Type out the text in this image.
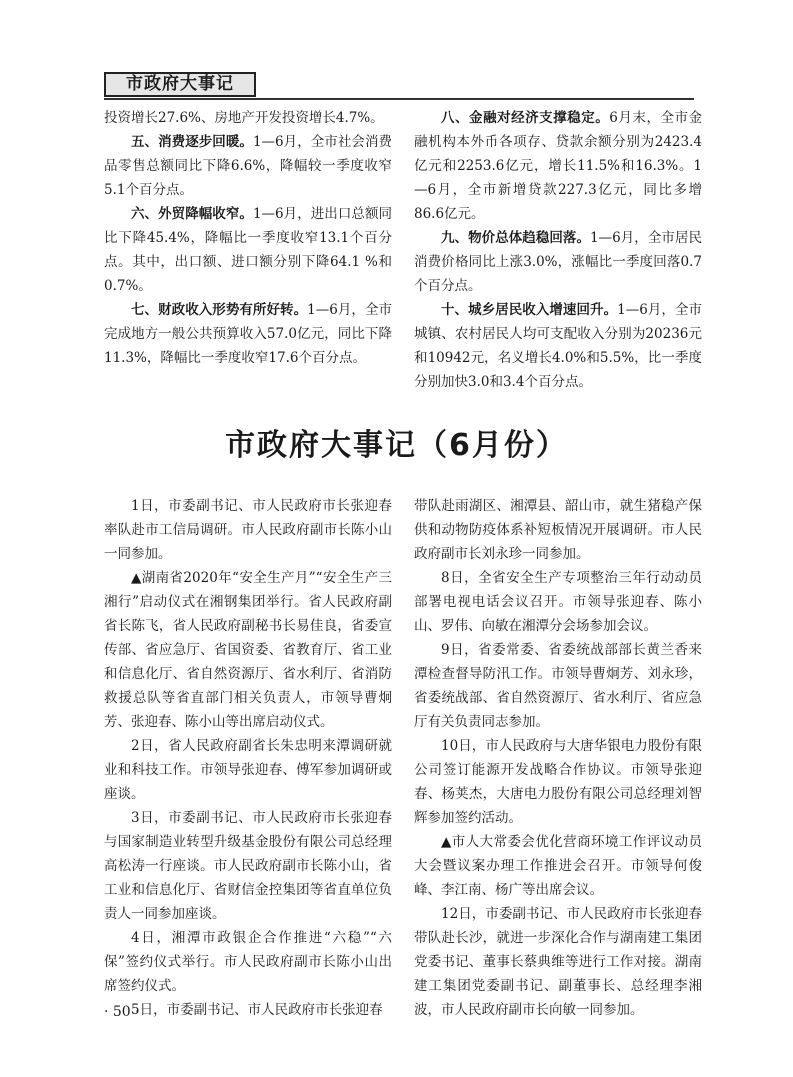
市政府大事记

投资增长27.6%、房地产开发投资增长4.7%。

五、消费逐步回暖。1—6月，全市社会消费品零售总额同比下降6.6%，降幅较一季度收窄5.1个百分点。

六、外贸降幅收窄。1—6月，进出口总额同比下降45.4%，降幅比一季度收窄13.1个百分点。其中，出口额、进口额分别下降64.1 %和0.7%。

七、财政收入形势有所好转。1—6月，全市完成地方一般公共预算收入57.0亿元，同比下降11.3%，降幅比一季度收窄17.6个百分点。

八、金融对经济支撑稳定。6月末，全市金融机构本外币各项存、贷款余额分别为2423.4亿元和2253.6亿元，增长11.5%和16.3%。1—6月，全市新增贷款227.3亿元，同比多增86.6亿元。

九、物价总体趋稳回落。1—6月，全市居民消费价格同比上涨3.0%，涨幅比一季度回落0.7个百分点。

十、城乡居民收入增速回升。1—6月，全市城镇、农村居民人均可支配收入分别为20236元和10942元，名义增长4.0%和5.5%，比一季度分别加快3.0和3.4个百分点。

市政府大事记（6月份）

1日，市委副书记、市人民政府市长张迎春率队赴市工信局调研。市人民政府副市长陈小山一同参加。

▲湖南省2020年“安全生产月”“安全生产三湘行”启动仪式在湘钢集团举行。省人民政府副省长陈飞，省人民政府副秘书长易佳良，省委宣传部、省应急厅、省国资委、省教育厅、省工业和信息化厅、省自然资源厅、省水利厅、省消防救援总队等省直部门相关负责人，市领导曹炯芳、张迎春、陈小山等出席启动仪式。

2日，省人民政府副省长朱忠明来潭调研就业和科技工作。市领导张迎春、傅军参加调研或座谈。

3日，市委副书记、市人民政府市长张迎春与国家制造业转型升级基金股份有限公司总经理高松涛一行座谈。市人民政府副市长陈小山，省工业和信息化厅、省财信金控集团等省直单位负责人一同参加座谈。

4日，湘潭市政银企合作推进“六稳”“六保”签约仪式举行。市人民政府副市长陈小山出席签约仪式。

5日，市委副书记、市人民政府市长张迎春

带队赴雨湖区、湘潭县、韶山市，就生猪稳产保供和动物防疫体系补短板情况开展调研。市人民政府副市长刘永珍一同参加。

8日，全省安全生产专项整治三年行动动员部署电视电话会议召开。市领导张迎春、陈小山、罗伟、向敏在湘潭分会场参加会议。

9日，省委常委、省委统战部部长黄兰香来潭检查督导防汛工作。市领导曹炯芳、刘永珍，省委统战部、省自然资源厅、省水利厅、省应急厅有关负责同志参加。

10日，市人民政府与大唐华银电力股份有限公司签订能源开发战略合作协议。市领导张迎春、杨荚杰，大唐电力股份有限公司总经理刘智辉参加签约活动。

▲市人大常委会优化营商环境工作评议动员大会暨议案办理工作推进会召开。市领导何俊峰、李江南、杨广等出席会议。

12日，市委副书记、市人民政府市长张迎春带队赴长沙，就进一步深化合作与湖南建工集团党委书记、董事长蔡典维等进行工作对接。湖南建工集团党委副书记、副董事长、总经理李湘波，市人民政府副市长向敏一同参加。

· 50 ·
